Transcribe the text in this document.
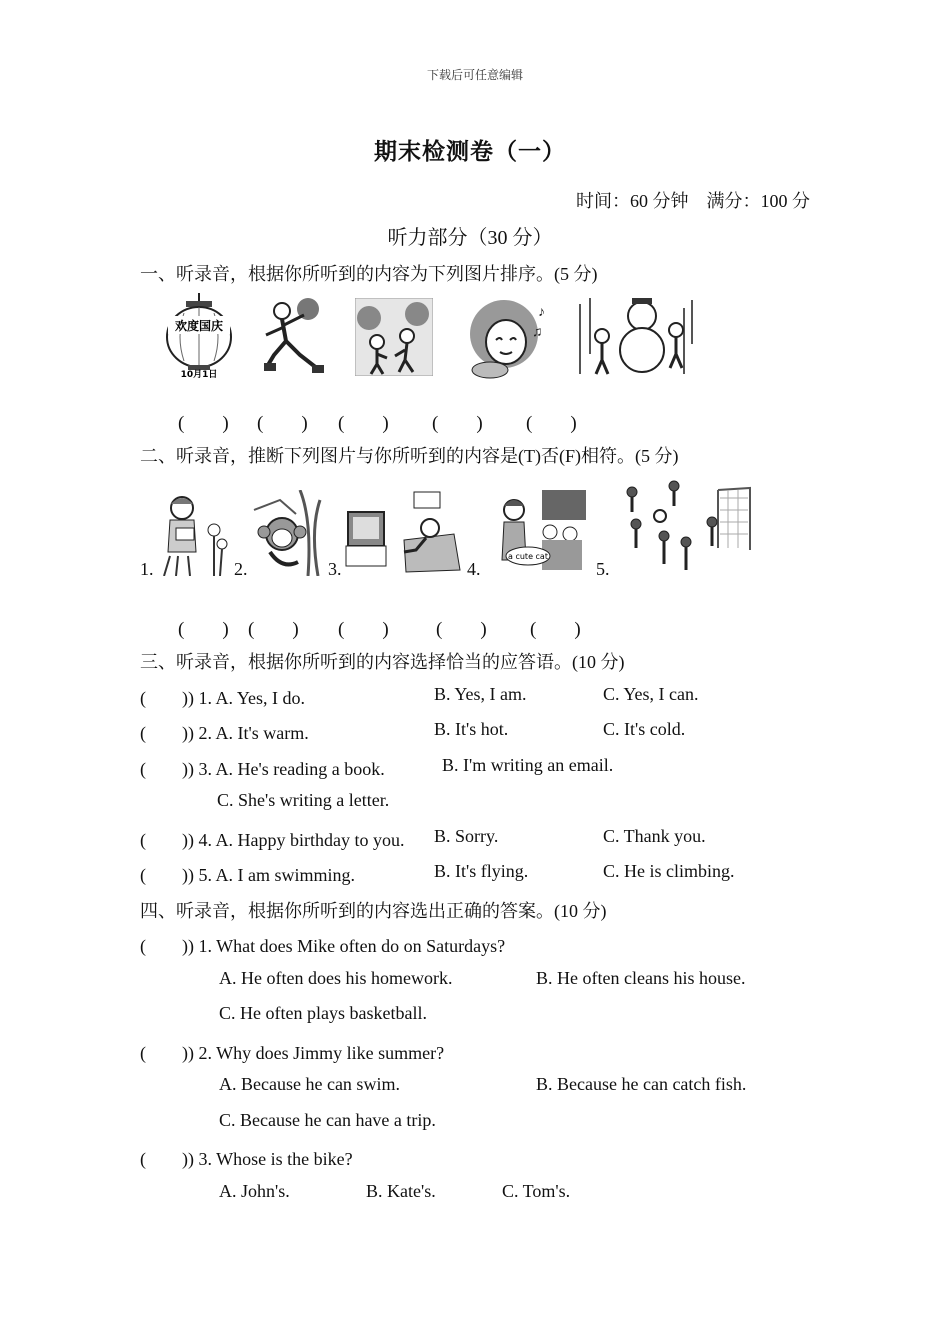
下载后可任意编辑
期末检测卷（一）
时间：60 分钟　满分：100 分
听力部分（30 分）
一、听录音，根据你所听到的内容为下列图片排序。(5 分)
欢度国庆
10月1日
♪
♫
(　　) (　　) (　　) (　　) (　　)
二、听录音，推断下列图片与你所听到的内容是(T)否(F)相符。(5 分)
1.	2.	3.	4.
a cute cat
5.
(　　) (　　) (　　) (　　) (　　)
三、听录音，根据你所听到的内容选择恰当的应答语。(10 分)
(　　)) 1. A. Yes, I do.	B. Yes, I am.	C. Yes, I can.
(　　)) 2. A. It's warm.	B. It's hot.	C. It's cold.
(　　)) 3. A. He's reading a book.	B. I'm writing an email.
C. She's writing a letter.
(　　)) 4. A. Happy birthday to you. B. Sorry.	C. Thank you.
(　　)) 5. A. I am swimming.	B. It's flying.	C. He is climbing.
四、听录音，根据你所听到的内容选出正确的答案。(10 分)
(　　)) 1. What does Mike often do on Saturdays?
A. He often does his homework.	B. He often cleans his house.
C. He often plays basketball.
(　　)) 2. Why does Jimmy like summer?
A. Because he can swim.	B. Because he can catch fish.
C. Because he can have a trip.
(　　)) 3. Whose is the bike?
A. John's.	B. Kate's.	C. Tom's.
